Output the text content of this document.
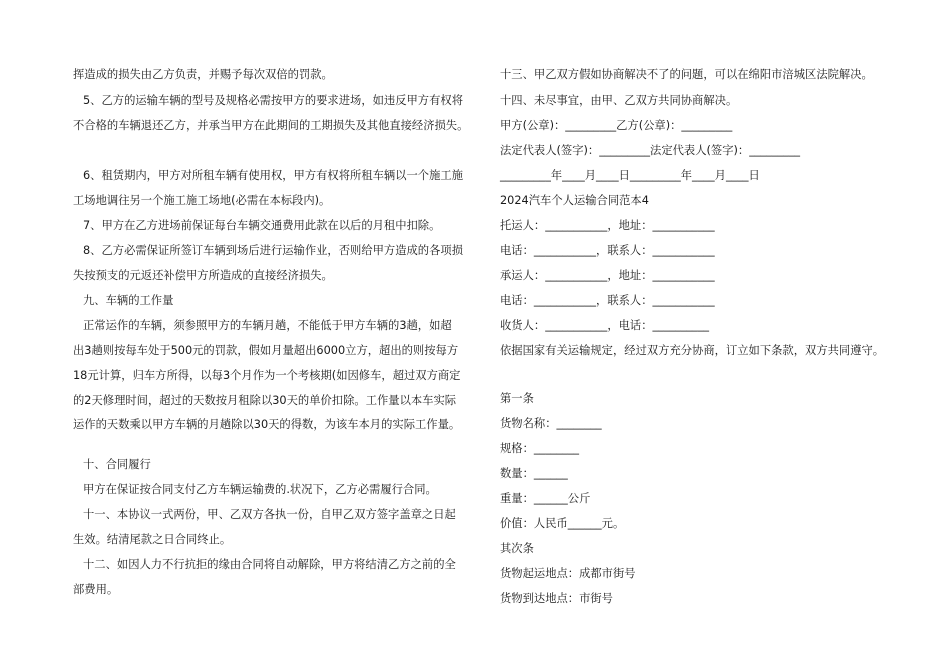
挥造成的损失由乙方负责，并赐予每次双倍的罚款。
5、乙方的运输车辆的型号及规格必需按甲方的要求进场，如违反甲方有权将
不合格的车辆退还乙方，并承当甲方在此期间的工期损失及其他直接经济损失。
6、租赁期内，甲方对所租车辆有使用权，甲方有权将所租车辆以一个施工施
工场地调往另一个施工施工场地(必需在本标段内)。
7、甲方在乙方进场前保证每台车辆交通费用此款在以后的月租中扣除。
8、乙方必需保证所签订车辆到场后进行运输作业，否则给甲方造成的各项损
失按预支的元返还补偿甲方所造成的直接经济损失。
九、车辆的工作量
正常运作的车辆，须参照甲方的车辆月趟，不能低于甲方车辆的3趟，如超
出3趟则按每车处于500元的罚款，假如月量超出6000立方，超出的则按每方
18元计算，归车方所得，以每3个月作为一个考核期(如因修车，超过双方商定
的2天修理时间，超过的天数按月租除以30天的单价扣除。工作量以本车实际
运作的天数乘以甲方车辆的月趟除以30天的得数，为该车本月的实际工作量。
十、合同履行
甲方在保证按合同支付乙方车辆运输费的.状况下，乙方必需履行合同。
十一、本协议一式两份，甲、乙双方各执一份，自甲乙双方签字盖章之日起
生效。结清尾款之日合同终止。
十二、如因人力不行抗拒的缘由合同将自动解除，甲方将结清乙方之前的全
部费用。
十三、甲乙双方假如协商解决不了的问题，可以在绵阳市涪城区法院解决。
十四、未尽事宜，由甲、乙双方共同协商解决。
甲方(公章)：_________乙方(公章)：_________
法定代表人(签字)：_________法定代表人(签字)：_________
_________年____月____日_________年____月____日
2024汽车个人运输合同范本4
托运人：___________，地址：___________
电话：___________，联系人：___________
承运人：___________，地址：___________
电话：___________，联系人：___________
收货人：___________，电话：__________
依据国家有关运输规定，经过双方充分协商，订立如下条款，双方共同遵守。
第一条
货物名称：________
规格：________
数量：______
重量：______公斤
价值：人民币______元。
其次条
货物起运地点：成都市街号
货物到达地点：市街号
